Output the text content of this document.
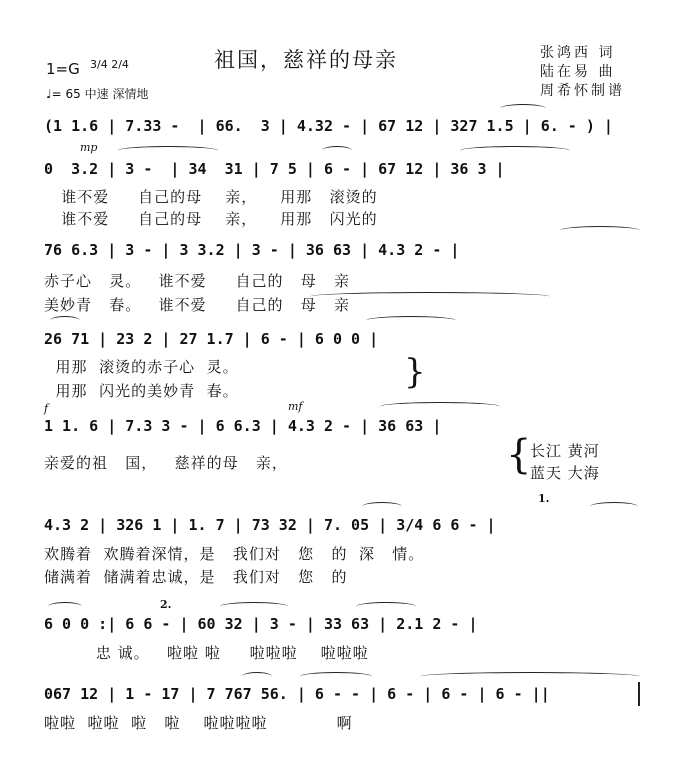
祖国，慈祥的母亲
1=G 3/4 2/4
♩= 65 中速 深情地
张鸿西 词
陆在易 曲
周希怀制谱
mp
f	mf
(1 1.6 | 7.33 -  | 66.  3 | 4.32 - | 67 12 | 327 1.5 | 6. - ) |
0  3.2 | 3 -  | 34  31 | 7 5 | 6 - | 67 12 | 36 3 |
谁不爱     自己的母    亲，    用那   滚烫的
谁不爱     自己的母    亲，    用那   闪光的
76 6.3 | 3 - | 3 3.2 | 3 - | 36 63 | 4.3 2 - |
赤子心   灵。   谁不爱     自己的   母   亲
美妙青   春。   谁不爱     自己的   母   亲
26 71 | 23 2 | 27 1.7 | 6 - | 6 0 0 |
用那  滚烫的赤子心  灵。
用那  闪光的美妙青  春。	}
1 1. 6 | 7.3 3 - | 6 6.3 | 4.3 2 - | 36 63 |
亲爱的祖   国，   慈祥的母   亲，	{
长江 黄河
蓝天 大海
1.
4.3 2 | 326 1 | 1. 7 | 73 32 | 7. 05 | 3/4 6 6 - |
欢腾着  欢腾着深情，是   我们对   您   的  深   情。
储满着  储满着忠诚，是   我们对   您   的
2.
6 0 0 :| 6 6 - | 60 32 | 3 - | 33 63 | 2.1 2 - |
忠 诚。   啦啦 啦     啦啦啦    啦啦啦
067 12 | 1 - 17 | 7 767 56. | 6 - - | 6 - | 6 - | 6 - ||
啦啦  啦啦  啦   啦    啦啦啦啦            啊
